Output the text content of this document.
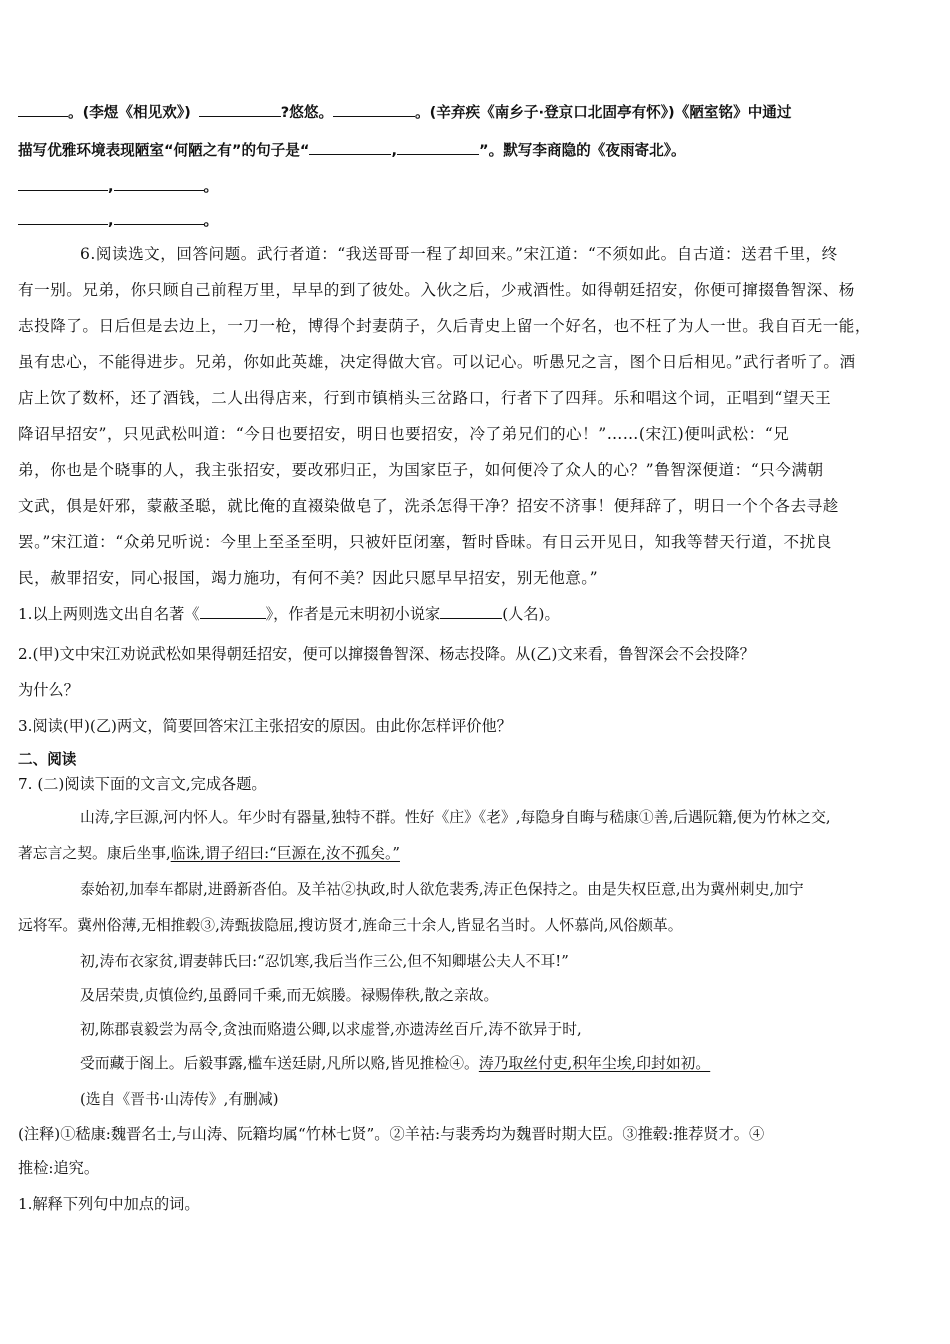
。(李煜《相见欢》)	?悠悠。	。(辛弃疾《南乡子·登京口北固亭有怀》)《陋室铭》中通过
描写优雅环境表现陋室“何陋之有”的句子是“	,	”。默写李商隐的《夜雨寄北》。
,	。
,	。
6.阅读选文，回答问题。武行者道：“我送哥哥一程了却回来。”宋江道：“不须如此。自古道：送君千里，终
有一别。兄弟，你只顾自己前程万里，早早的到了彼处。入伙之后，少戒酒性。如得朝廷招安，你便可撺掇鲁智深、杨
志投降了。日后但是去边上，一刀一枪，博得个封妻荫子，久后青史上留一个好名，也不枉了为人一世。我自百无一能，
虽有忠心，不能得进步。兄弟，你如此英雄，决定得做大官。可以记心。听愚兄之言，图个日后相见。”武行者听了。酒
店上饮了数杯，还了酒钱，二人出得店来，行到市镇梢头三岔路口，行者下了四拜。乐和唱这个词，正唱到“望天王
降诏早招安”，只见武松叫道：“今日也要招安，明日也要招安，冷了弟兄们的心！”……(宋江)便叫武松：“兄
弟，你也是个晓事的人，我主张招安，要改邪归正，为国家臣子，如何便冷了众人的心？”鲁智深便道：“只今满朝
文武，俱是奸邪，蒙蔽圣聪，就比俺的直裰染做皂了，洗杀怎得干净？招安不济事！便拜辞了，明日一个个各去寻趁
罢。”宋江道：“众弟兄听说：今里上至圣至明，只被奸臣闭塞，暂时昏昧。有日云开见日，知我等替天行道，不扰良
民，赦罪招安，同心报国，竭力施功，有何不美？因此只愿早早招安，别无他意。”
1.以上两则选文出自名著《	》，作者是元末明初小说家	(人名)。
2.(甲)文中宋江劝说武松如果得朝廷招安，便可以撺掇鲁智深、杨志投降。从(乙)文来看，鲁智深会不会投降？
为什么？
3.阅读(甲)(乙)两文，简要回答宋江主张招安的原因。由此你怎样评价他？
二、阅读
7. (二)阅读下面的文言文,完成各题。
山涛,字巨源,河内怀人。年少时有器量,独特不群。性好《庄》《老》,每隐身自晦与嵇康①善,后遇阮籍,便为竹林之交,
著忘言之契。康后坐事,临诛,谓子绍曰:“巨源在,汝不孤矣。”
泰始初,加奉车都尉,进爵新沓伯。及羊祜②执政,时人欲危裴秀,涛正色保持之。由是失权臣意,出为冀州刺史,加宁
远将军。冀州俗薄,无相推毂③,涛甄拔隐屈,搜访贤才,旌命三十余人,皆显名当时。人怀慕尚,风俗颇革。
初,涛布衣家贫,谓妻韩氏曰:“忍饥寒,我后当作三公,但不知卿堪公夫人不耳!”
及居荣贵,贞慎俭约,虽爵同千乘,而无嫔媵。禄赐俸秩,散之亲故。
初,陈郡袁毅尝为鬲令,贪浊而赂遗公卿,以求虚誉,亦遗涛丝百斤,涛不欲异于时,
受而藏于阁上。后毅事露,槛车送廷尉,凡所以赂,皆见推检④。涛乃取丝付吏,积年尘埃,印封如初。
(选自《晋书·山涛传》,有删减)
(注释)①嵇康:魏晋名士,与山涛、阮籍均属“竹林七贤”。②羊祜:与裴秀均为魏晋时期大臣。③推毂:推荐贤才。④
推检:追究。
1.解释下列句中加点的词。
